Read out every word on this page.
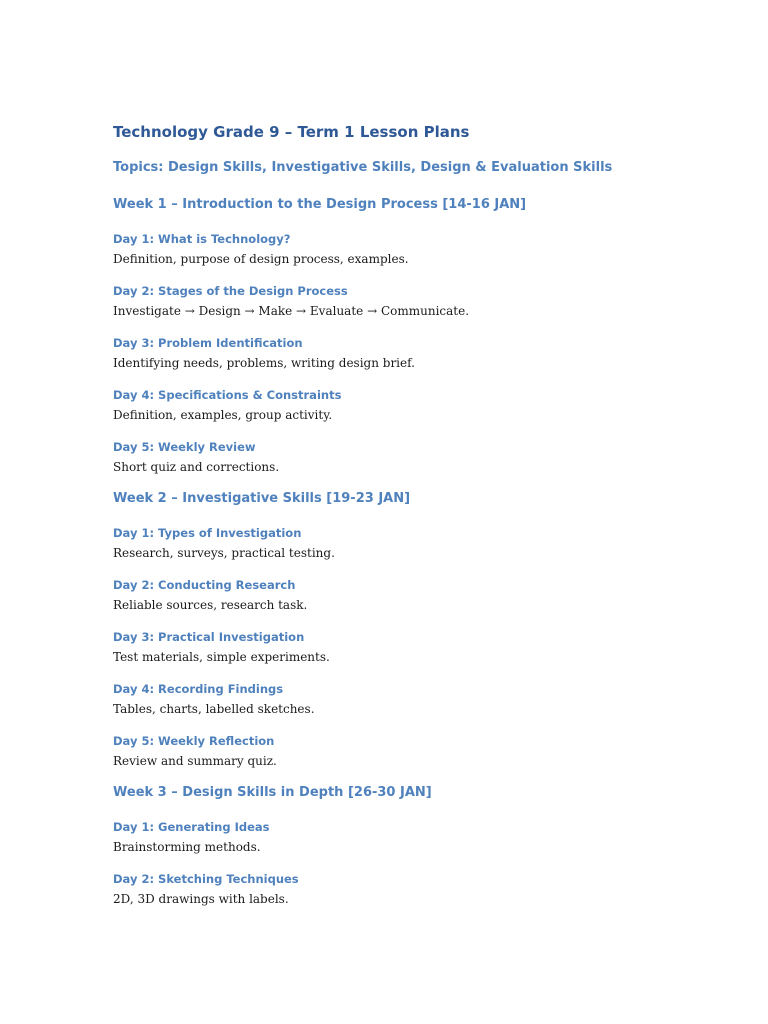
Technology Grade 9 – Term 1 Lesson Plans
Topics: Design Skills, Investigative Skills, Design & Evaluation Skills
Week 1 – Introduction to the Design Process [14-16 JAN]
Day 1: What is Technology?
Definition, purpose of design process, examples.
Day 2: Stages of the Design Process
Investigate → Design → Make → Evaluate → Communicate.
Day 3: Problem Identification
Identifying needs, problems, writing design brief.
Day 4: Specifications & Constraints
Definition, examples, group activity.
Day 5: Weekly Review
Short quiz and corrections.
Week 2 – Investigative Skills [19-23 JAN]
Day 1: Types of Investigation
Research, surveys, practical testing.
Day 2: Conducting Research
Reliable sources, research task.
Day 3: Practical Investigation
Test materials, simple experiments.
Day 4: Recording Findings
Tables, charts, labelled sketches.
Day 5: Weekly Reflection
Review and summary quiz.
Week 3 – Design Skills in Depth [26-30 JAN]
Day 1: Generating Ideas
Brainstorming methods.
Day 2: Sketching Techniques
2D, 3D drawings with labels.
